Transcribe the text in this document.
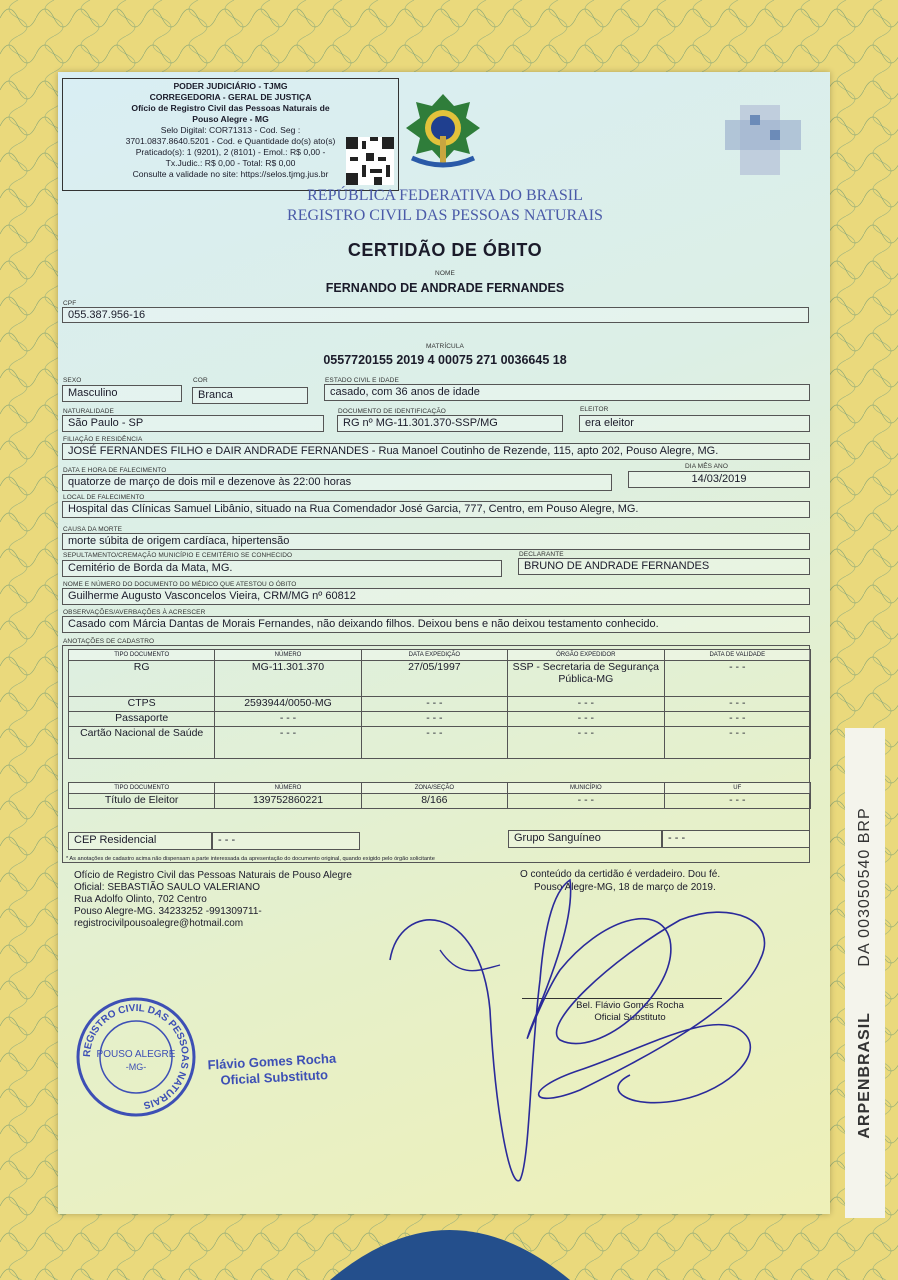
PODER JUDICIÁRIO - TJMG
CORREGEDORIA - GERAL DE JUSTIÇA
Ofício de Registro Civil das Pessoas Naturais de
Pouso Alegre - MG
Selo Digital: COR71313 - Cod. Seg :
3701.0837.8640.5201 - Cod. e Quantidade do(s) ato(s)
Praticado(s): 1 (9201), 2 (8101) - Emol.: R$ 0,00 -
Tx.Judic.: R$ 0,00 - Total: R$ 0,00
Consulte a validade no site: https://selos.tjmg.jus.br
REPÚBLICA FEDERATIVA DO BRASIL
REGISTRO CIVIL DAS PESSOAS NATURAIS
CERTIDÃO DE ÓBITO
NOME
FERNANDO DE ANDRADE FERNANDES
CPF
055.387.956-16
MATRÍCULA
0557720155 2019 4 00075 271 0036645 18
SEXO
Masculino
COR
Branca
ESTADO CIVIL E IDADE
casado, com 36 anos de idade
NATURALIDADE
São Paulo - SP
DOCUMENTO DE IDENTIFICAÇÃO
RG nº MG-11.301.370-SSP/MG
ELEITOR
era eleitor
FILIAÇÃO E RESIDÊNCIA
JOSÉ FERNANDES FILHO e DAIR ANDRADE FERNANDES - Rua Manoel Coutinho de Rezende, 115, apto 202, Pouso Alegre, MG.
DATA E HORA DE FALECIMENTO
DIA MÊS ANO
quatorze de março de dois mil e dezenove às 22:00 horas	14/03/2019
LOCAL DE FALECIMENTO
Hospital das Clínicas Samuel Libânio, situado na Rua Comendador José Garcia, 777, Centro, em Pouso Alegre, MG.
CAUSA DA MORTE
morte súbita de origem cardíaca, hipertensão
SEPULTAMENTO/CREMAÇÃO MUNICÍPIO E CEMITÉRIO SE CONHECIDO
Cemitério de Borda da Mata, MG.
DECLARANTE
BRUNO DE ANDRADE FERNANDES
NOME E NÚMERO DO DOCUMENTO DO MÉDICO QUE ATESTOU O ÓBITO
Guilherme Augusto Vasconcelos Vieira, CRM/MG nº 60812
OBSERVAÇÕES/AVERBAÇÕES À ACRESCER
Casado com Márcia Dantas de Morais Fernandes, não deixando filhos. Deixou bens e não deixou testamento conhecido.
ANOTAÇÕES DE CADASTRO
TIPO DOCUMENTO	NÚMERO	DATA EXPEDIÇÃO	ÓRGÃO EXPEDIDOR	DATA DE VALIDADE
RG	MG-11.301.370	27/05/1997	SSP - Secretaria de Segurança Pública-MG	- - -
CTPS	2593944/0050-MG	- - -	- - -	- - -
Passaporte	- - -	- - -	- - -	- - -
Cartão Nacional de Saúde	- - -	- - -	- - -	- - -
TIPO DOCUMENTO	NÚMERO	ZONA/SEÇÃO	MUNICÍPIO	UF
Título de Eleitor	139752860221	8/166	- - -	- - -
CEP Residencial	- - -	Grupo Sanguíneo	- - -
* As anotações de cadastro acima não dispensam a parte interessada da apresentação do documento original, quando exigido pelo órgão solicitante
Ofício de Registro Civil das Pessoas Naturais de Pouso Alegre
Oficial: SEBASTIÃO SAULO VALERIANO
Rua Adolfo Olinto, 702 Centro
Pouso Alegre-MG. 34233252 -991309711-
registrocivilpousoalegre@hotmail.com
O conteúdo da certidão é verdadeiro. Dou fé.
Pouso Alegre-MG, 18 de março de 2019.
Bel. Flávio Gomes Rocha
Oficial Substituto
REGISTRO CIVIL DAS PESSOAS NATURAIS
POUSO ALEGRE
-MG-	Flávio Gomes Rocha
Oficial Substituto	ARPENBRASIL DA 003050540 BRP
